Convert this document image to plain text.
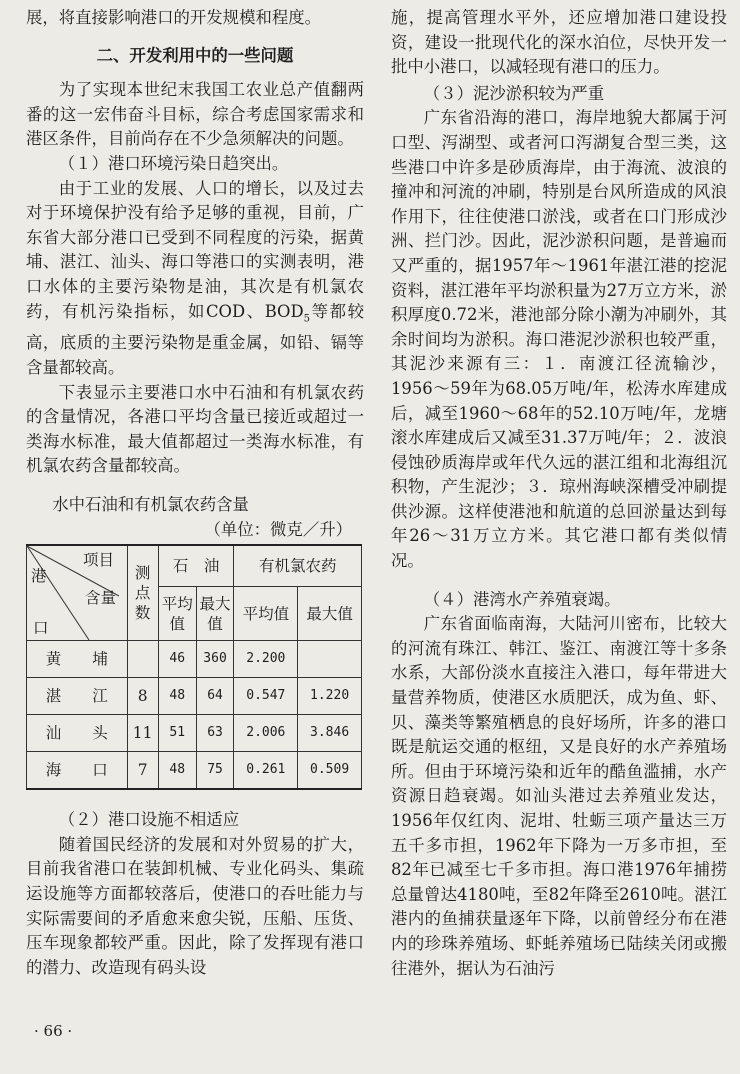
展，将直接影响港口的开发规模和程度。

二、开发利用中的一些问题

为了实现本世纪末我国工农业总产值翻两番的这一宏伟奋斗目标，综合考虑国家需求和港区条件，目前尚存在不少急须解决的问题。

（１）港口环境污染日趋突出。

由于工业的发展、人口的增长，以及过去对于环境保护没有给予足够的重视，目前，广东省大部分港口已受到不同程度的污染，据黄埔、湛江、汕头、海口等港口的实测表明，港口水体的主要污染物是油，其次是有机氯农药，有机污染指标，如COD、$BOD_5$等都较高，底质的主要污染物是重金属，如铅、镉等含量都较高。

下表显示主要港口水中石油和有机氯农药的含量情况，各港口平均含量已接近或超过一类海水标准，最大值都超过一类海水标准，有机氯农药含量都较高。

水中石油和有机氯农药含量

（单位：微克／升）

项目
港
含量
口	测点数	石　油		有机氯农药	
		平均值	最大值	平均值	最大值
黄　　 埔		46	360	2.200	
湛　　 江	8	48	64	0.547	1.220
汕　　 头	11	51	63	2.006	3.846
海　　 口	7	48	75	0.261	0.509

（２）港口设施不相适应

随着国民经济的发展和对外贸易的扩大，目前我省港口在装卸机械、专业化码头、集疏运设施等方面都较落后，使港口的吞吐能力与实际需要间的矛盾愈来愈尖锐，压船、压货、压车现象都较严重。因此，除了发挥现有港口的潜力、改造现有码头设

施，提高管理水平外，还应增加港口建设投资，建设一批现代化的深水泊位，尽快开发一批中小港口，以减轻现有港口的压力。

（３）泥沙淤积较为严重

广东省沿海的港口，海岸地貌大都属于河口型、泻湖型、或者河口泻湖复合型三类，这些港口中许多是砂质海岸，由于海流、波浪的撞冲和河流的冲刷，特别是台风所造成的风浪作用下，往往使港口淤浅，或者在口门形成沙洲、拦门沙。因此，泥沙淤积问题，是普遍而又严重的，据1957年～1961年湛江港的挖泥资料，湛江港年平均淤积量为27万立方米，淤积厚度0.72米，港池部分除小潮为冲刷外，其余时间均为淤积。海口港泥沙淤积也较严重，其泥沙来源有三：１．南渡江径流输沙，1956～59年为68.05万吨/年，松涛水库建成后，减至1960～68年的52.10万吨/年，龙塘滚水库建成后又减至31.37万吨/年；２．波浪侵蚀砂质海岸或年代久远的湛江组和北海组沉积物，产生泥沙；３．琼州海峡深槽受冲刷提供沙源。这样使港池和航道的总回淤量达到每年26～31万立方米。其它港口都有类似情况。

（４）港湾水产养殖衰竭。

广东省面临南海，大陆河川密布，比较大的河流有珠江、韩江、鉴江、南渡江等十多条水系，大部份淡水直接注入港口，每年带进大量营养物质，使港区水质肥沃，成为鱼、虾、贝、藻类等繁殖栖息的良好场所，许多的港口既是航运交通的枢纽，又是良好的水产养殖场所。但由于环境污染和近年的酷鱼滥捕，水产资源日趋衰竭。如汕头港过去养殖业发达，1956年仅红肉、泥坩、牡蛎三项产量达三万五千多市担，1962年下降为一万多市担，至82年已减至七千多市担。海口港1976年捕捞总量曾达4180吨，至82年降至2610吨。湛江港内的鱼捕获量逐年下降，以前曾经分布在港内的珍珠养殖场、虾蚝养殖场已陆续关闭或搬往港外，据认为石油污

· 66 ·
